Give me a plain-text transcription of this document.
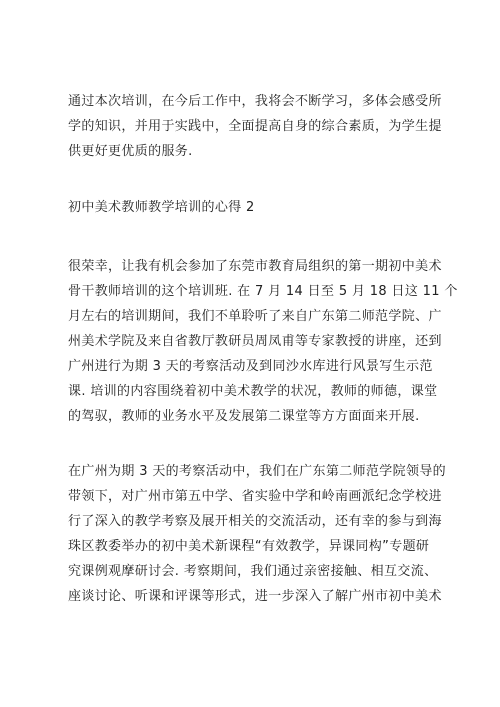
通过本次培训，在今后工作中，我将会不断学习，多体会感受所
学的知识，并用于实践中，全面提高自身的综合素质，为学生提
供更好更优质的服务.
初中美术教师教学培训的心得 2
很荣幸，让我有机会参加了东莞市教育局组织的第一期初中美术
骨干教师培训的这个培训班. 在 7 月 14 日至 5 月 18 日这 11 个
月左右的培训期间，我们不单聆听了来自广东第二师范学院、广
州美术学院及来自省教厅教研员周凤甫等专家教授的讲座，还到
广州进行为期 3 天的考察活动及到同沙水库进行风景写生示范
课. 培训的内容围绕着初中美术教学的状况，教师的师德，课堂
的驾驭，教师的业务水平及发展第二课堂等方方面面来开展.
在广州为期 3 天的考察活动中，我们在广东第二师范学院领导的
带领下，对广州市第五中学、省实验中学和岭南画派纪念学校进
行了深入的教学考察及展开相关的交流活动，还有幸的参与到海
珠区教委举办的初中美术新课程“有效教学，异课同构”专题研
究课例观摩研讨会. 考察期间，我们通过亲密接触、相互交流、
座谈讨论、听课和评课等形式，进一步深入了解广州市初中美术
